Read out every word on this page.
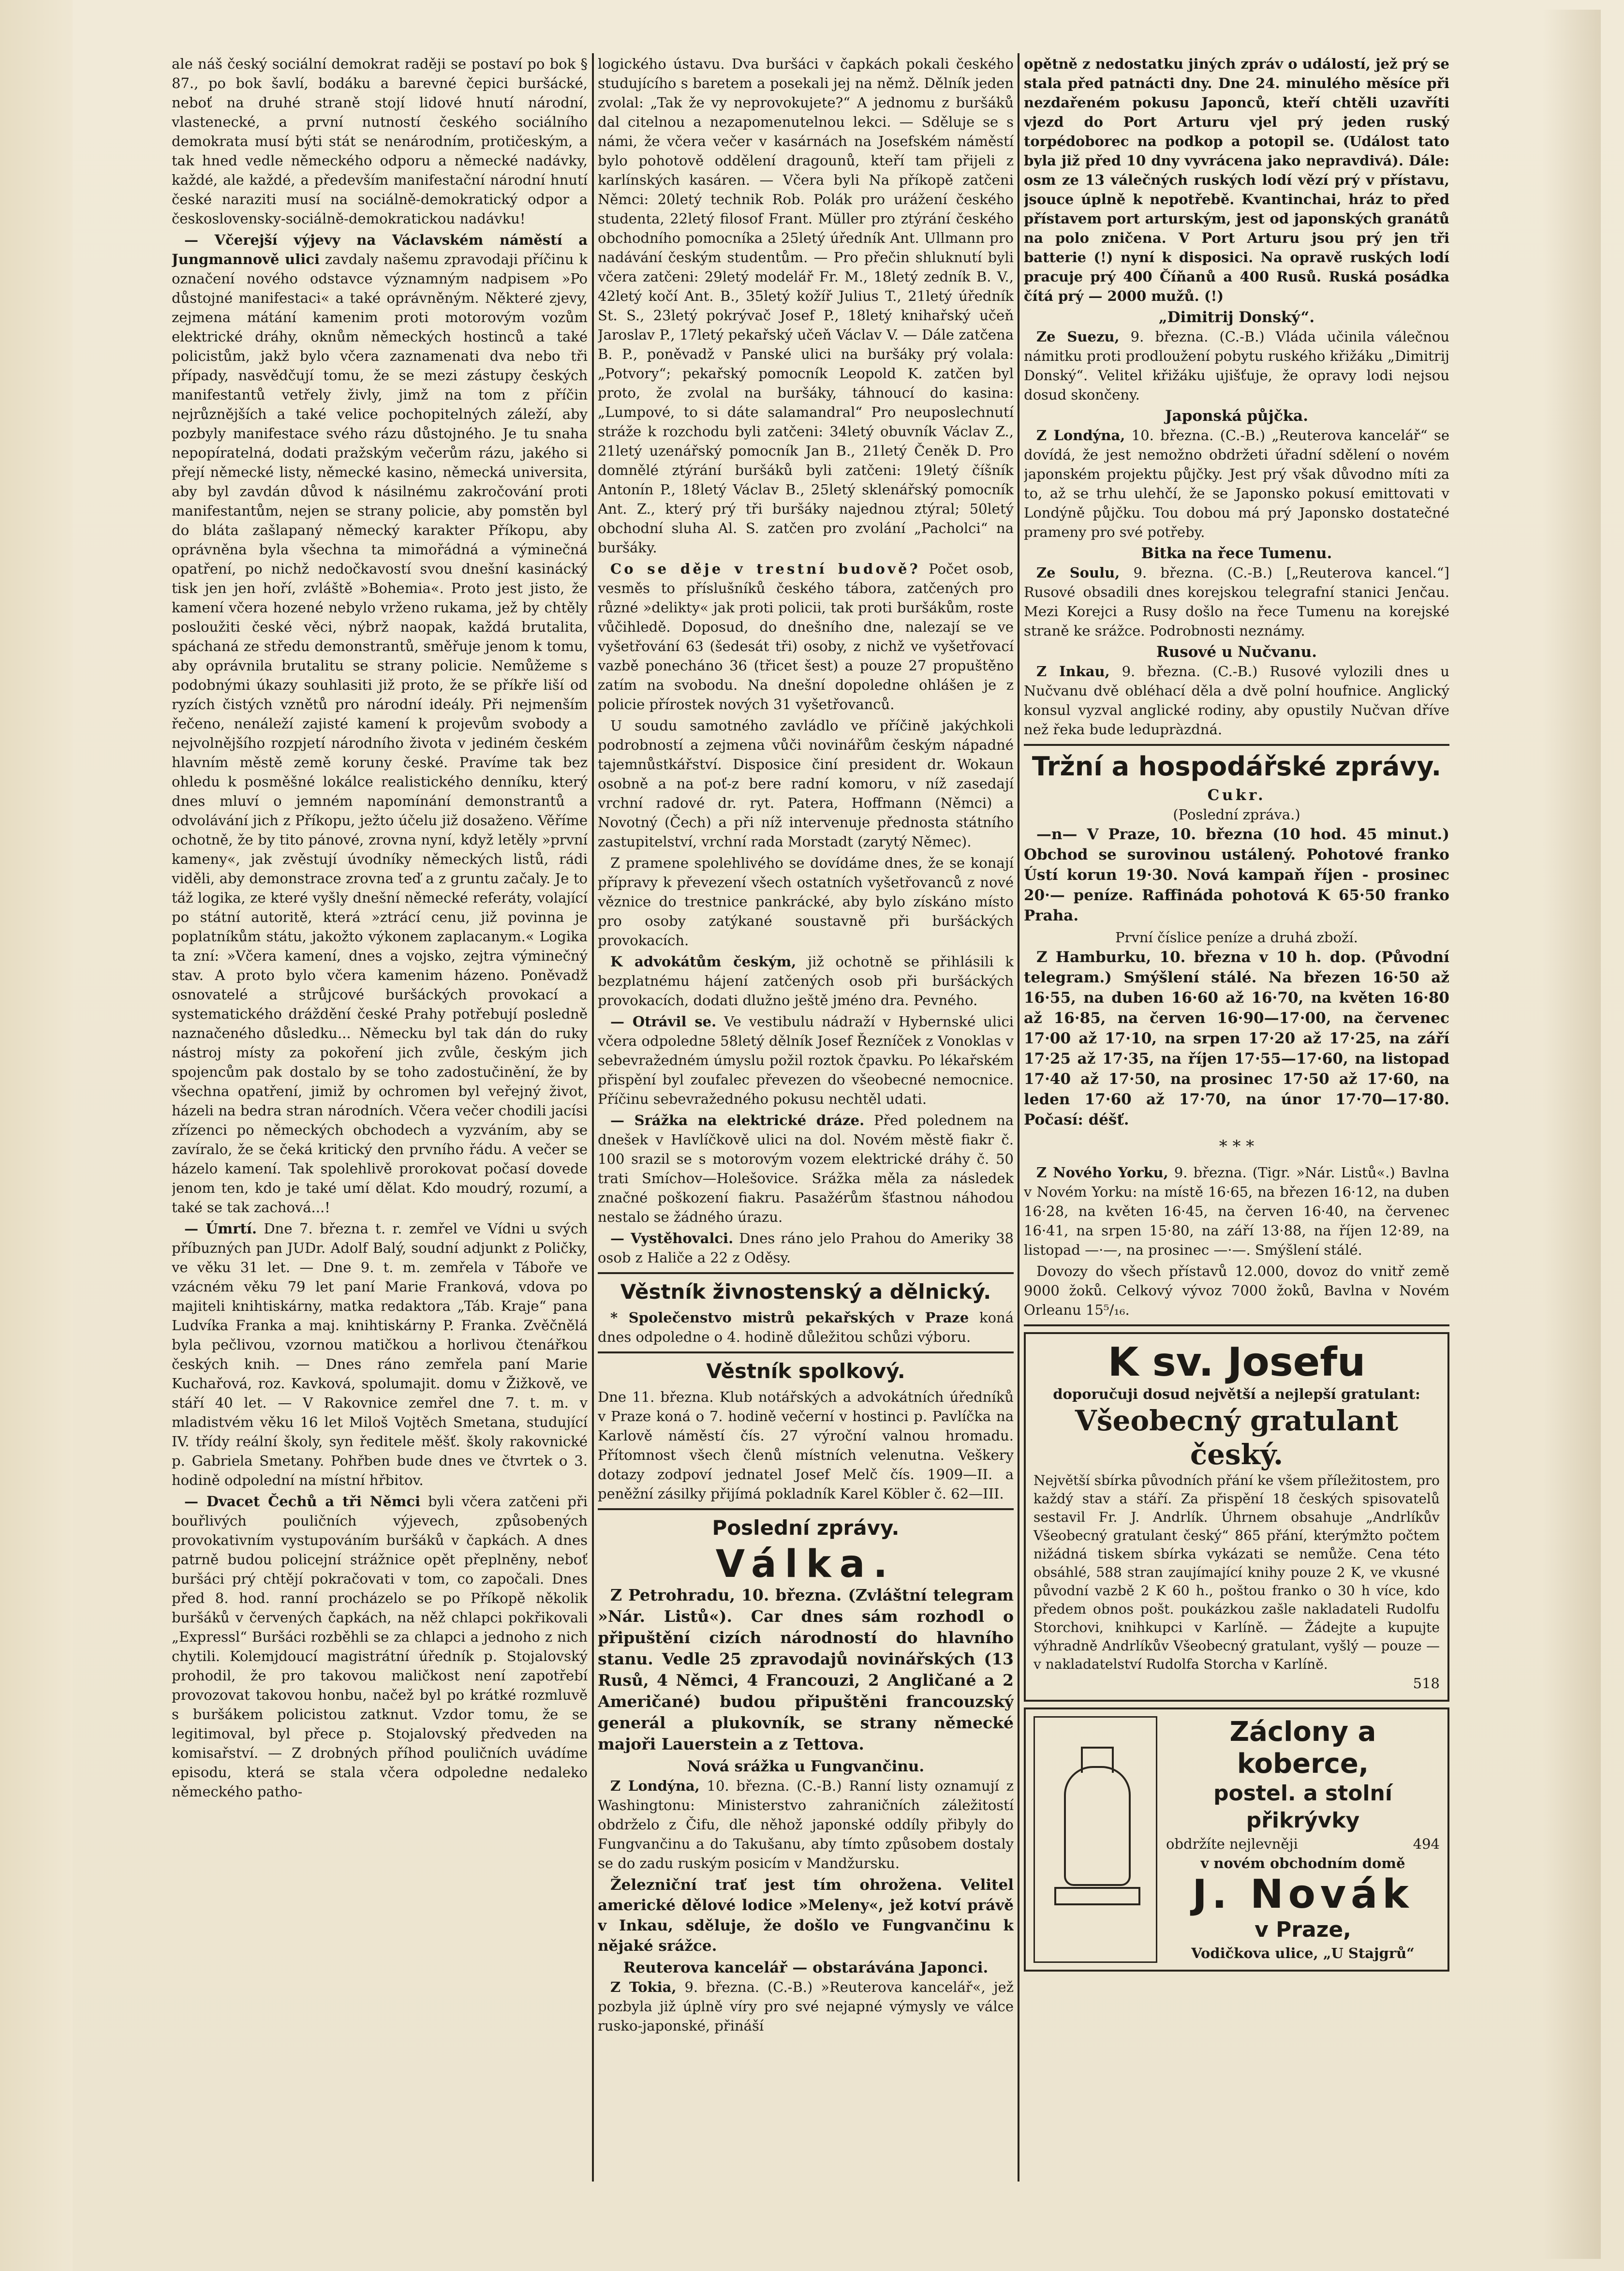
ale náš český sociální demokrat raději se postaví po bok § 87., po bok šavlí, bodáku a barevné čepici buršácké, neboť na druhé straně stojí lidové hnutí národní, vlastenecké, a první nutností českého sociálního demokrata musí býti stát se nenárodním, protičeským, a tak hned vedle německého odporu a německé nadávky, každé, ale každé, a především manifestační národní hnutí české naraziti musí na sociálně-demokratický odpor a československy-sociálně-demokratickou nadávku!

— Včerejší výjevy na Václavském náměstí a Jungmannově ulici zavdaly našemu zpravodaji příčinu k označení nového odstavce významným nadpisem »Po důstojné manifestaci« a také oprávněným. Některé zjevy, zejmena mátání kamenim proti motorovým vozům elektrické dráhy, oknům německých hostinců a také policistům, jakž bylo včera zaznamenati dva nebo tři případy, nasvědčují tomu, že se mezi zástupy českých manifestantů vetřely živly, jimž na tom z příčin nejrůznějších a také velice pochopitelných záleží, aby pozbyly manifestace svého rázu důstojného. Je tu snaha nepopíratelná, dodati pražským večerům rázu, jakého si přejí německé listy, německé kasino, německá universita, aby byl zavdán důvod k násilnému zakročování proti manifestantům, nejen se strany policie, aby pomstěn byl do bláta zašlapaný německý karakter Příkopu, aby oprávněna byla všechna ta mimořádná a výminečná opatření, po nichž nedočkavostí svou dnešní kasinácký tisk jen jen hoří, zvláště »Bohemia«. Proto jest jisto, že kamení včera hozené nebylo vrženo rukama, jež by chtěly posloužiti české věci, nýbrž naopak, každá brutalita, spáchaná ze středu demonstrantů, směřuje jenom k tomu, aby oprávnila brutalitu se strany policie. Nemůžeme s podobnými úkazy souhlasiti již proto, že se příkře liší od ryzích čistých vznětů pro národní ideály. Při nejmenším řečeno, nenáleží zajisté kamení k projevům svobody a nejvolnějšího rozpjetí národního života v jediném českém hlavním městě země koruny české. Pravíme tak bez ohledu k posměšné lokálce realistického denníku, který dnes mluví o jemném napomínání demonstrantů a odvolávání jich z Příkopu, ježto účelu již dosaženo. Věříme ochotně, že by tito pánové, zrovna nyní, když letěly »první kameny«, jak zvěstují úvodníky německých listů, rádi viděli, aby demonstrace zrovna teď a z gruntu začaly. Je to táž logika, ze které vyšly dnešní německé referáty, volající po státní autoritě, která »ztrácí cenu, již povinna je poplatníkům státu, jakožto výkonem zaplacanym.« Logika ta zní: »Včera kamení, dnes a vojsko, zejtra výminečný stav. A proto bylo včera kamenim házeno. Poněvadž osnovatelé a strůjcové buršáckých provokací a systematického dráždění české Prahy potřebují posledně naznačeného důsledku... Německu byl tak dán do ruky nástroj místy za pokoření jich zvůle, českým jich spojencům pak dostalo by se toho zadostučinění, že by všechna opatření, jimiž by ochromen byl veřejný život, házeli na bedra stran národních. Včera večer chodili jacísi zřízenci po německých obchodech a vyzváním, aby se zavíralo, že se čeká kritický den prvního řádu. A večer se házelo kamení. Tak spolehlivě prorokovat počasí dovede jenom ten, kdo je také umí dělat. Kdo moudrý, rozumí, a také se tak zachová...!

— Úmrtí. Dne 7. března t. r. zemřel ve Vídni u svých příbuzných pan JUDr. Adolf Balý, soudní adjunkt z Poličky, ve věku 31 let. — Dne 9. t. m. zemřela v Táboře ve vzácném věku 79 let paní Marie Franková, vdova po majiteli knihtiskárny, matka redaktora „Táb. Kraje“ pana Ludvíka Franka a maj. knihtiskárny P. Franka. Zvěčnělá byla pečlivou, vzornou matičkou a horlivou čtenářkou českých knih. — Dnes ráno zemřela paní Marie Kuchařová, roz. Kavková, spolumajit. domu v Žižkově, ve stáří 40 let. — V Rakovnice zemřel dne 7. t. m. v mladistvém věku 16 let Miloš Vojtěch Smetana, studující IV. třídy reální školy, syn ředitele měšť. školy rakovnické p. Gabriela Smetany. Pohřben bude dnes ve čtvrtek o 3. hodině odpolední na místní hřbitov.

— Dvacet Čechů a tři Němci byli včera zatčeni při bouřlivých pouličních výjevech, způsobených provokativním vystupováním buršáků v čapkách. A dnes patrně budou policejní strážnice opět přeplněny, neboť buršáci prý chtějí pokračovati v tom, co započali. Dnes před 8. hod. ranní procházelo se po Příkopě několik buršáků v červených čapkách, na něž chlapci pokřikovali „Expressl“ Buršáci rozběhli se za chlapci a jednoho z nich chytili. Kolemjdoucí magistrátní úředník p. Stojalovský prohodil, že pro takovou maličkost není zapotřebí provozovat takovou honbu, načež byl po krátké rozmluvě s buršákem policistou zatknut. Vzdor tomu, že se legitimoval, byl přece p. Stojalovský předveden na komisařství. — Z drobných příhod pouličních uvádíme episodu, která se stala včera odpoledne nedaleko německého patho-

logického ústavu. Dva buršáci v čapkách pokali českého studujícího s baretem a posekali jej na němž. Dělník jeden zvolal: „Tak že vy neprovokujete?“ A jednomu z buršáků dal citelnou a nezapomenutelnou lekci. — Sděluje se s námi, že včera večer v kasárnách na Josefském náměstí bylo pohotově oddělení dragounů, kteří tam přijeli z karlínských kasáren. — Včera byli Na příkopě zatčeni Němci: 20letý technik Rob. Polák pro urážení českého studenta, 22letý filosof Frant. Müller pro ztýrání českého obchodního pomocníka a 25letý úředník Ant. Ullmann pro nadávání českým studentům. — Pro přečin shluknutí byli včera zatčeni: 29letý modelář Fr. M., 18letý zedník B. V., 42letý kočí Ant. B., 35letý kožíř Julius T., 21letý úředník St. S., 23letý pokrývač Josef P., 18letý knihařský učeň Jaroslav P., 17letý pekařský učeň Václav V. — Dále zatčena B. P., poněvadž v Panské ulici na buršáky prý volala: „Potvory“; pekařský pomocník Leopold K. zatčen byl proto, že zvolal na buršáky, táhnoucí do kasina: „Lumpové, to si dáte salamandral“ Pro neuposlechnutí stráže k rozchodu byli zatčeni: 34letý obuvník Václav Z., 21letý uzenářský pomocník Jan B., 21letý Čeněk D. Pro domnělé ztýrání buršáků byli zatčeni: 19letý číšník Antonín P., 18letý Václav B., 25letý sklenářský pomocník Ant. Z., který prý tři buršáky najednou ztýral; 50letý obchodní sluha Al. S. zatčen pro zvolání „Pacholci“ na buršáky.

Co se děje v trestní budově? Počet osob, vesměs to příslušníků českého tábora, zatčených pro různé »delikty« jak proti policii, tak proti buršákům, roste vůčihledě. Doposud, do dnešního dne, nalezají se ve vyšetřování 63 (šedesát tři) osoby, z nichž ve vyšetřovací vazbě ponecháno 36 (třicet šest) a pouze 27 propuštěno zatím na svobodu. Na dnešní dopoledne ohlášen je z policie přírostek nových 31 vyšetřovanců.

U soudu samotného zavládlo ve příčině jakýchkoli podrobností a zejmena vůči novinářům českým nápadné tajemnůstkářství. Disposice činí president dr. Wokaun osobně a na poť-z bere radní komoru, v níž zasedají vrchní radové dr. ryt. Patera, Hoffmann (Němci) a Novotný (Čech) a při níž intervenuje přednosta státního zastupitelství, vrchní rada Morstadt (zarytý Němec).

Z pramene spolehlivého se dovídáme dnes, že se konají přípravy k převezení všech ostatních vyšetřovanců z nové věznice do trestnice pankrácké, aby bylo získáno místo pro osoby zatýkané soustavně při buršáckých provokacích.

K advokátům českým, již ochotně se přihlásili k bezplatnému hájení zatčených osob při buršáckých provokacích, dodati dlužno ještě jméno dra. Pevného.

— Otrávil se. Ve vestibulu nádraží v Hybernské ulici včera odpoledne 58letý dělník Josef Řezníček z Vonoklas v sebevražedném úmyslu požil roztok čpavku. Po lékařském přispění byl zoufalec převezen do všeobecné nemocnice. Příčinu sebevražedného pokusu nechtěl udati.

— Srážka na elektrické dráze. Před polednem na dnešek v Havlíčkově ulici na dol. Novém městě fiakr č. 100 srazil se s motorovým vozem elektrické dráhy č. 50 trati Smíchov—Holešovice. Srážka měla za následek značné poškození fiakru. Pasažérům šťastnou náhodou nestalo se žádného úrazu.

— Vystěhovalci. Dnes ráno jelo Prahou do Ameriky 38 osob z Haliče a 22 z Oděsy.

Věstník živnostenský a dělnický.

* Společenstvo mistrů pekařských v Praze koná dnes odpoledne o 4. hodině důležitou schůzi výboru.

Věstník spolkový.

Dne 11. března. Klub notářských a advokátních úředníků v Praze koná o 7. hodině večerní v hostinci p. Pavlíčka na Karlově náměstí čís. 27 výroční valnou hromadu. Přítomnost všech členů místních velenutna. Veškery dotazy zodpoví jednatel Josef Melč čís. 1909—II. a peněžní zásilky přijímá pokladník Karel Köbler č. 62—III.

Poslední zprávy.
Válka.

Z Petrohradu, 10. března. (Zvláštní telegram »Nár. Listů«). Car dnes sám rozhodl o připuštění cizích národností do hlavního stanu. Vedle 25 zpravodajů novinářských (13 Rusů, 4 Němci, 4 Francouzi, 2 Angličané a 2 Američané) budou připuštěni francouzský generál a plukovník, se strany německé majoři Lauerstein a z Tettova.

Nová srážka u Fungvančinu.

Z Londýna, 10. března. (C.-B.) Ranní listy oznamují z Washingtonu: Ministerstvo zahraničních záležitostí obdrželo z Čifu, dle něhož japonské oddíly přibyly do Fungvančinu a do Takušanu, aby tímto způsobem dostaly se do zadu ruským posicím v Mandžursku.

Železniční trať jest tím ohrožena. Velitel americké dělové lodice »Meleny«, jež kotví právě v Inkau, sděluje, že došlo ve Fungvančinu k nějaké srážce.

Reuterova kancelář — obstarávána Japonci.

Z Tokia, 9. března. (C.-B.) »Reuterova kancelář«, jež pozbyla již úplně víry pro své nejapné výmysly ve válce rusko-japonské, přináší

opětně z nedostatku jiných zpráv o událostí, jež prý se stala před patnácti dny. Dne 24. minulého měsíce při nezdařeném pokusu Japonců, kteří chtěli uzavříti vjezd do Port Arturu vjel prý jeden ruský torpédoborec na podkop a potopil se. (Událost tato byla již před 10 dny vyvrácena jako nepravdivá). Dále: osm ze 13 válečných ruských lodí vězí prý v přístavu, jsouce úplně k nepotřebě. Kvantinchai, hráz to před přístavem port arturským, jest od japonských granátů na polo zničena. V Port Arturu jsou prý jen tři batterie (!) nyní k disposici. Na opravě ruských lodí pracuje prý 400 Číňanů a 400 Rusů. Ruská posádka čítá prý — 2000 mužů. (!)

„Dimitrij Donský“.

Ze Suezu, 9. března. (C.-B.) Vláda učinila válečnou námitku proti prodloužení pobytu ruského křižáku „Dimitrij Donský“. Velitel křižáku ujišťuje, že opravy lodi nejsou dosud skončeny.

Japonská půjčka.

Z Londýna, 10. března. (C.-B.) „Reuterova kancelář“ se dovídá, že jest nemožno obdržeti úřadní sdělení o novém japonském projektu půjčky. Jest prý však důvodno míti za to, až se trhu ulehčí, že se Japonsko pokusí emittovati v Londýně půjčku. Tou dobou má prý Japonsko dostatečné prameny pro své potřeby.

Bitka na řece Tumenu.

Ze Soulu, 9. března. (C.-B.) [„Reuterova kancel.“] Rusové obsadili dnes korejskou telegrafní stanici Jenčau. Mezi Korejci a Rusy došlo na řece Tumenu na korejské straně ke srážce. Podrobnosti neznámy.

Rusové u Nučvanu.

Z Inkau, 9. března. (C.-B.) Rusové vylozili dnes u Nučvanu dvě obléhací děla a dvě polní houfnice. Anglický konsul vyzval anglické rodiny, aby opustily Nučvan dříve než řeka bude ledupràzdná.

Tržní a hospodářské zprávy.
Cukr.
(Poslední zpráva.)

—n— V Praze, 10. března (10 hod. 45 minut.) Obchod se surovinou ustálený. Pohotové franko Ústí korun 19·30. Nová kampaň říjen - prosinec 20·— peníze. Raffináda pohotová K 65·50 franko Praha.

První číslice peníze a druhá zboží.

Z Hamburku, 10. března v 10 h. dop. (Původní telegram.) Smýšlení stálé. Na březen 16·50 až 16·55, na duben 16·60 až 16·70, na květen 16·80 až 16·85, na červen 16·90—17·00, na červenec 17·00 až 17·10, na srpen 17·20 až 17·25, na září 17·25 až 17·35, na říjen 17·55—17·60, na listopad 17·40 až 17·50, na prosinec 17·50 až 17·60, na leden 17·60 až 17·70, na únor 17·70—17·80. Počasí: déšť.

* * *

Z Nového Yorku, 9. března. (Tigr. »Nár. Listů«.) Bavlna v Novém Yorku: na místě 16·65, na březen 16·12, na duben 16·28, na květen 16·45, na červen 16·40, na červenec 16·41, na srpen 15·80, na září 13·88, na říjen 12·89, na listopad —·—, na prosinec —·—. Smýšlení stálé.

Dovozy do všech přístavů 12.000, dovoz do vnitř země 9000 žoků. Celkový vývoz 7000 žoků, Bavlna v Novém Orleanu 15⁵/₁₆.

K sv. Josefu
doporučuji dosud největší a nejlepší gratulant:
Všeobecný gratulant český.
Největší sbírka původních přání ke všem příležitostem, pro každý stav a stáří. Za přispění 18 českých spisovatelů sestavil Fr. J. Andrlík. Úhrnem obsahuje „Andrlíkův Všeobecný gratulant český“ 865 přání, kterýmžto počtem nižádná tiskem sbírka vykázati se nemůže. Cena této obsáhlé, 588 stran zaujímající knihy pouze 2 K, ve vkusné původní vazbě 2 K 60 h., poštou franko o 30 h více, kdo předem obnos pošt. poukázkou zašle nakladateli Rudolfu Storchovi, knihkupci v Karlíně. — Žádejte a kupujte výhradně Andrlíkův Všeobecný gratulant, vyšlý — pouze — v nakladatelství Rudolfa Storcha v Karlíně.
518
Záclony a koberce,
postel. a stolní přikrývky
obdržíte nejlevněji	494
v novém obchodním domě
J. Novák
v Praze,
Vodičkova ulice, „U Stajgrů“
